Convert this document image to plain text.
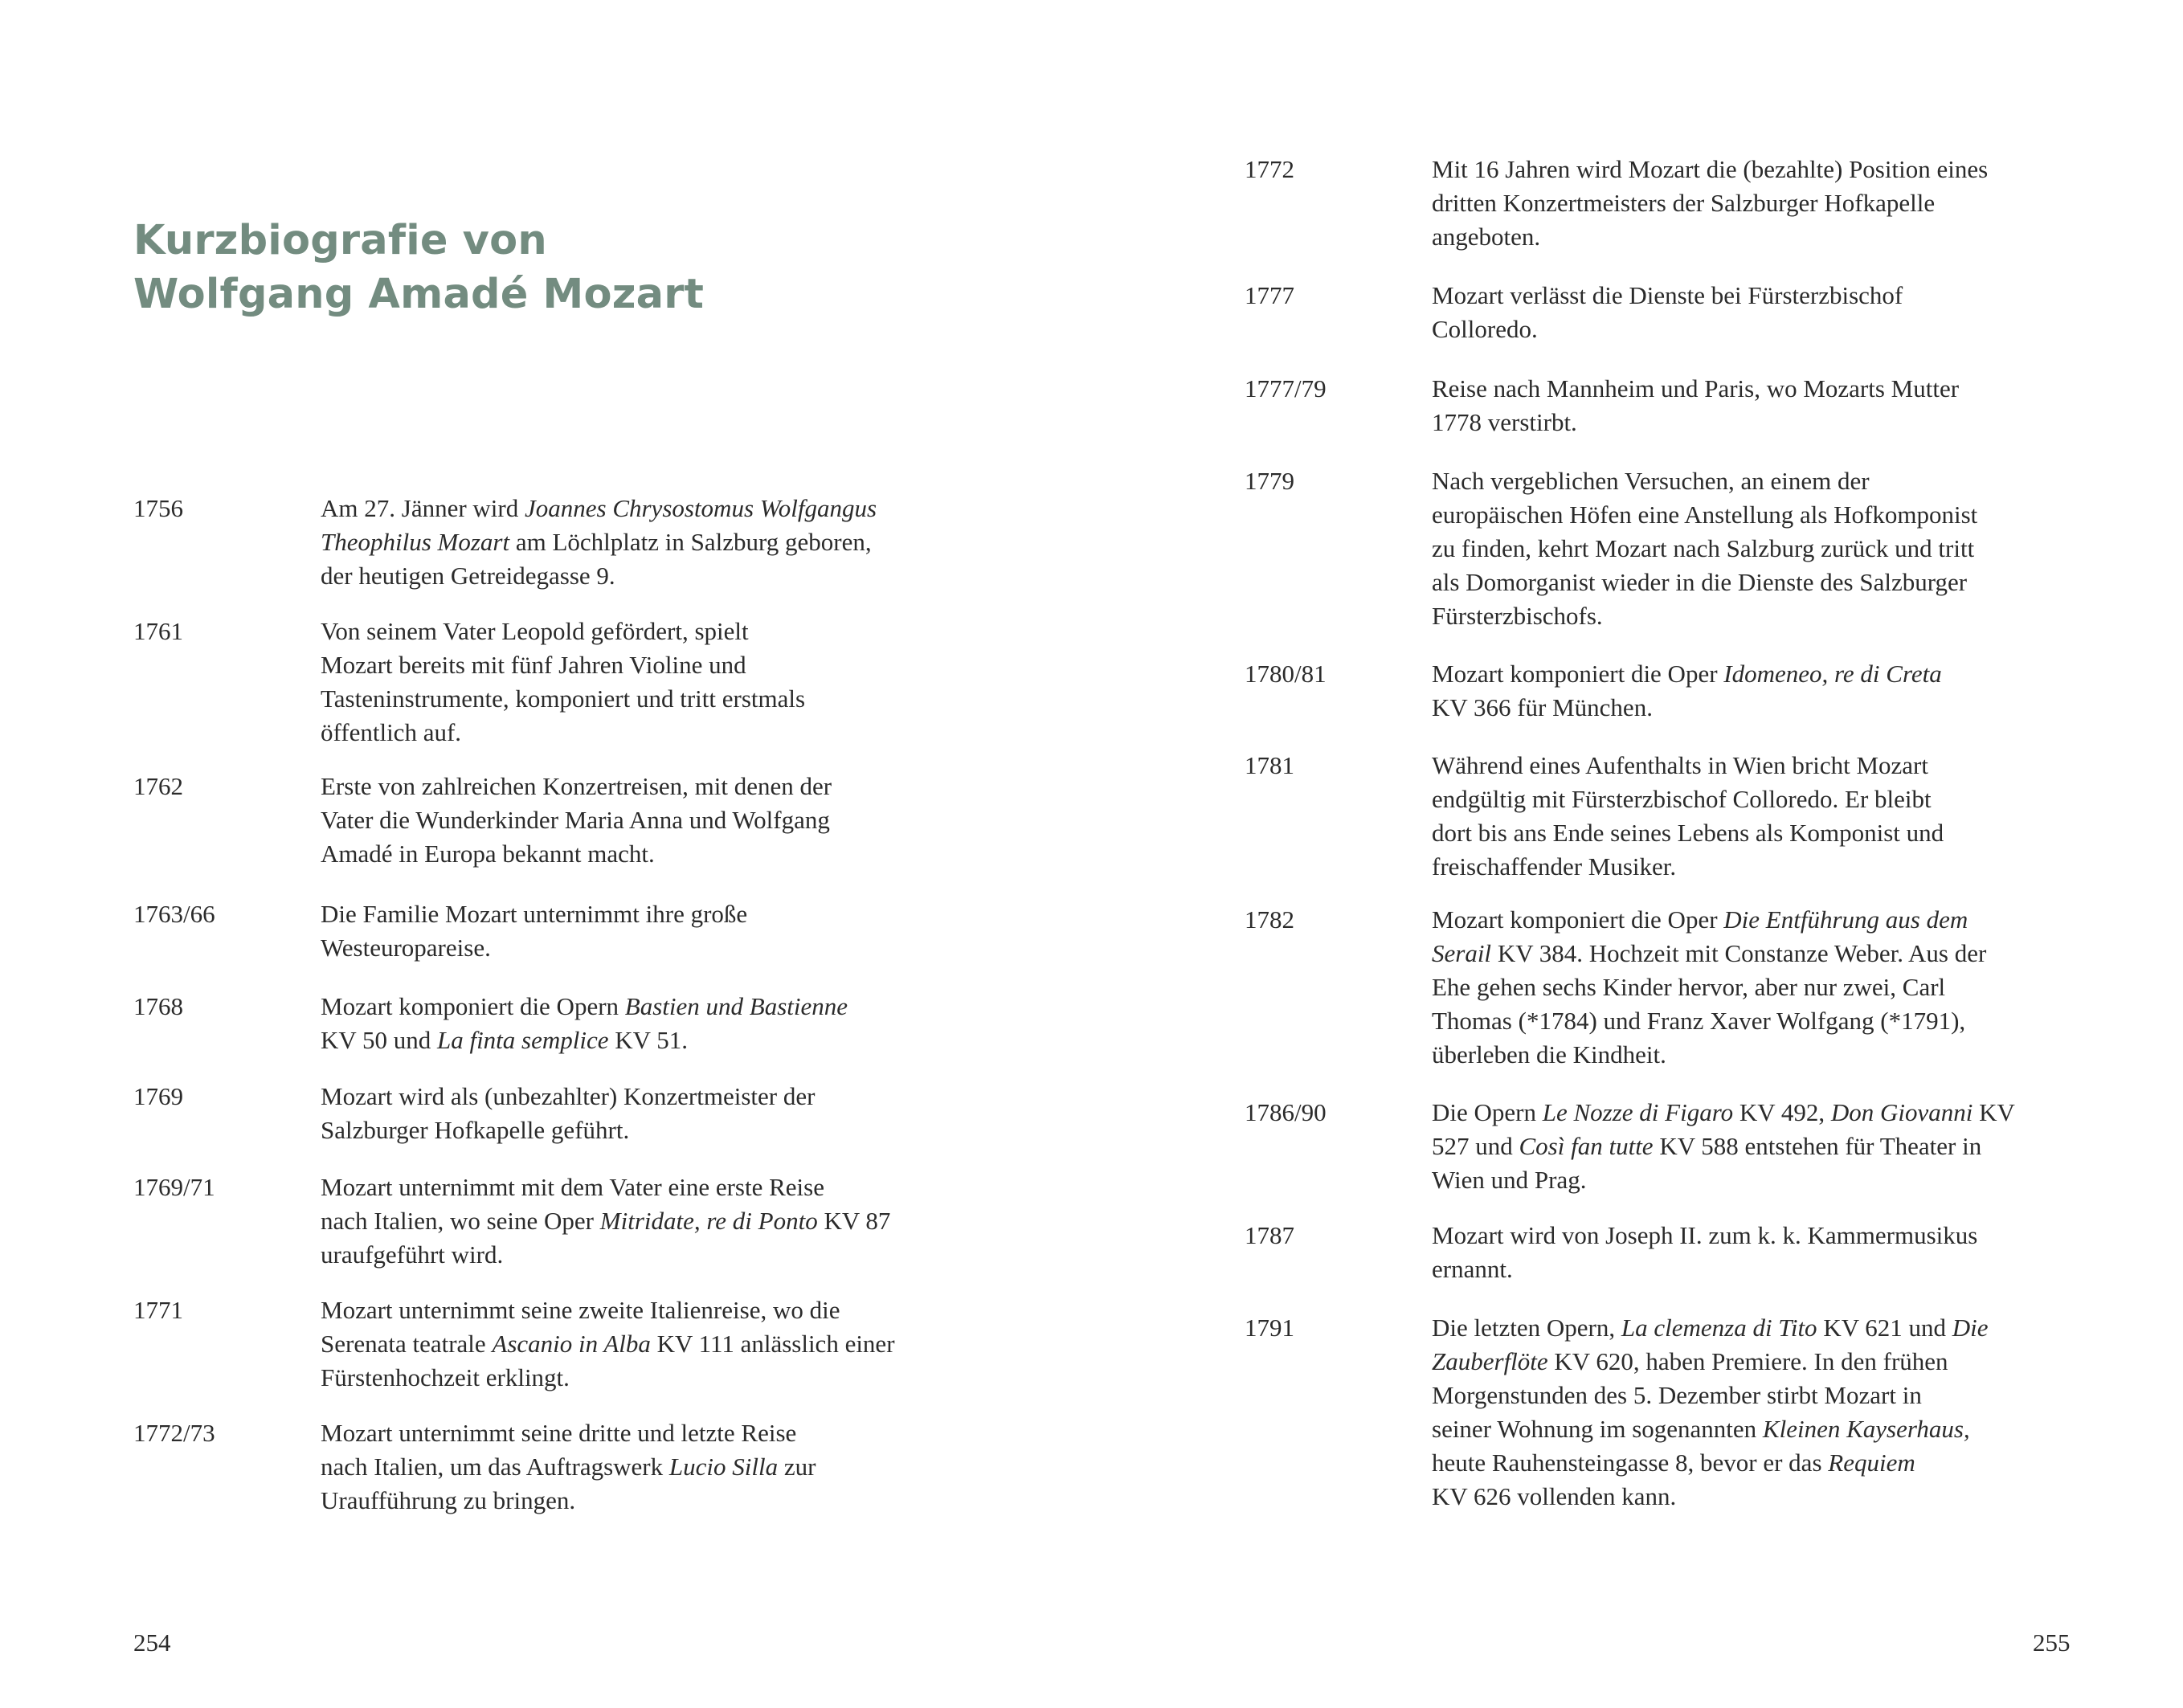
Kurzbiografie von
Wolfgang Amadé Mozart
1756	Am 27. Jänner wird Joannes Chrysostomus Wolfgangus
Theophilus Mozart am Löchlplatz in Salzburg geboren,
der heutigen Getreidegasse 9.
1761	Von seinem Vater Leopold gefördert, spielt
Mozart bereits mit fünf Jahren Violine und
Tasteninstrumente, komponiert und tritt erstmals
öffentlich auf.
1762	Erste von zahlreichen Konzertreisen, mit denen der
Vater die Wunderkinder Maria Anna und Wolfgang
Amadé in Europa bekannt macht.
1763/66	Die Familie Mozart unternimmt ihre große
Westeuropareise.
1768	Mozart komponiert die Opern Bastien und Bastienne
KV 50 und La finta semplice KV 51.
1769	Mozart wird als (unbezahlter) Konzertmeister der
Salzburger Hofkapelle geführt.
1769/71	Mozart unternimmt mit dem Vater eine erste Reise
nach Italien, wo seine Oper Mitridate, re di Ponto KV 87
uraufgeführt wird.
1771	Mozart unternimmt seine zweite Italienreise, wo die
Serenata teatrale Ascanio in Alba KV 111 anlässlich einer
Fürstenhochzeit erklingt.
1772/73	Mozart unternimmt seine dritte und letzte Reise
nach Italien, um das Auftragswerk Lucio Silla zur
Uraufführung zu bringen.
1772	Mit 16 Jahren wird Mozart die (bezahlte) Position eines
dritten Konzertmeisters der Salzburger Hofkapelle
angeboten.
1777	Mozart verlässt die Dienste bei Fürsterzbischof
Colloredo.
1777/79	Reise nach Mannheim und Paris, wo Mozarts Mutter
1778 verstirbt.
1779	Nach vergeblichen Versuchen, an einem der
europäischen Höfen eine Anstellung als Hofkomponist
zu finden, kehrt Mozart nach Salzburg zurück und tritt
als Domorganist wieder in die Dienste des Salzburger
Fürsterzbischofs.
1780/81	Mozart komponiert die Oper Idomeneo, re di Creta
KV 366 für München.
1781	Während eines Aufenthalts in Wien bricht Mozart
endgültig mit Fürsterzbischof Colloredo. Er bleibt
dort bis ans Ende seines Lebens als Komponist und
freischaffender Musiker.
1782	Mozart komponiert die Oper Die Entführung aus dem
Serail KV 384. Hochzeit mit Constanze Weber. Aus der
Ehe gehen sechs Kinder hervor, aber nur zwei, Carl
Thomas (*1784) und Franz Xaver Wolfgang (*1791),
überleben die Kindheit.
1786/90	Die Opern Le Nozze di Figaro KV 492, Don Giovanni KV
527 und Così fan tutte KV 588 entstehen für Theater in
Wien und Prag.
1787	Mozart wird von Joseph II. zum k. k. Kammermusikus
ernannt.
1791	Die letzten Opern, La clemenza di Tito KV 621 und Die
Zauberflöte KV 620, haben Premiere. In den frühen
Morgenstunden des 5. Dezember stirbt Mozart in
seiner Wohnung im sogenannten Kleinen Kayserhaus,
heute Rauhensteingasse 8, bevor er das Requiem
KV 626 vollenden kann.
254	255
